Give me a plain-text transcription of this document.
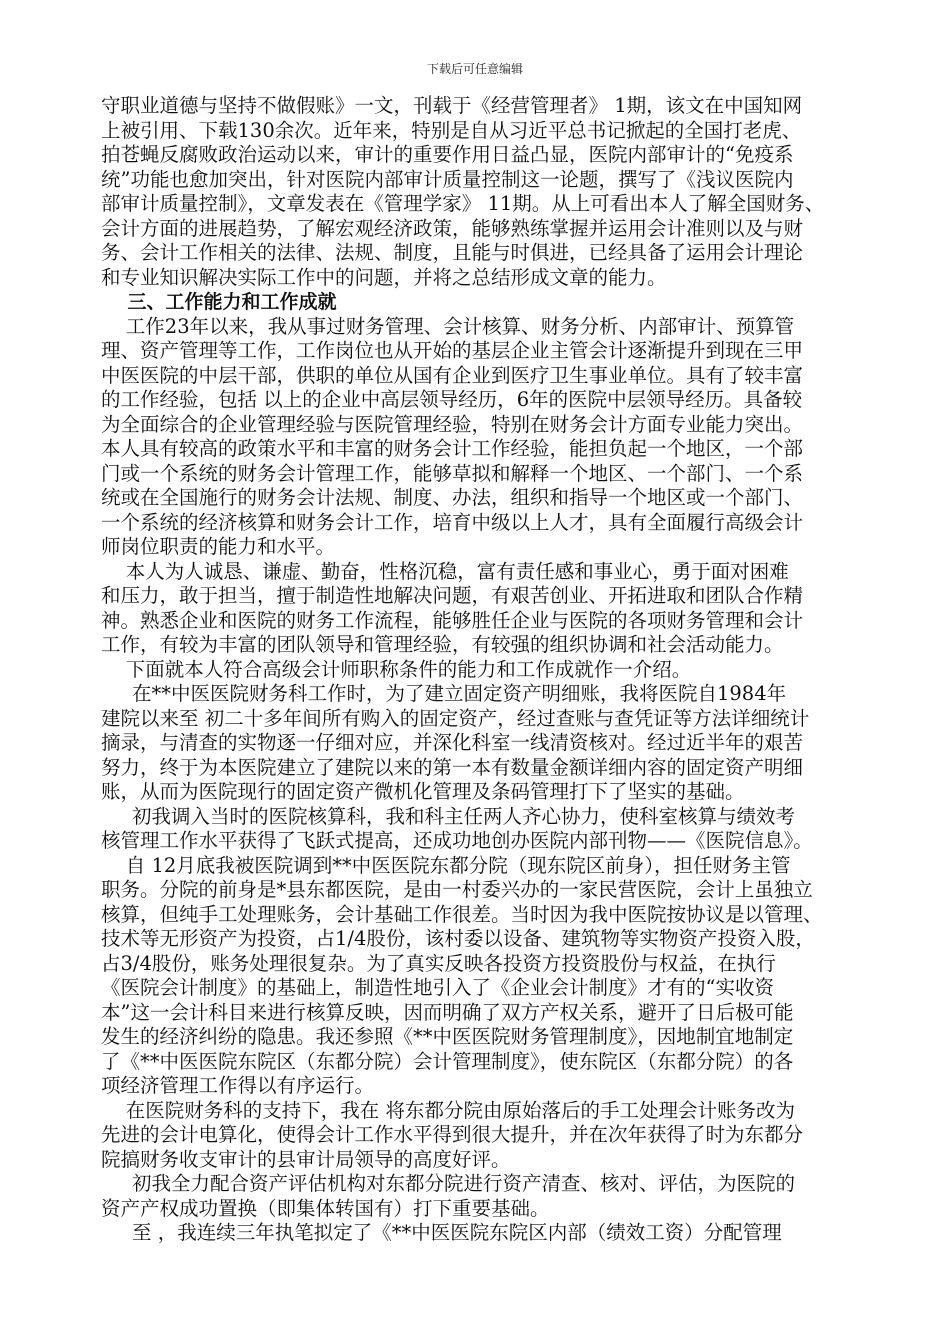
下载后可任意编辑
守职业道德与坚持不做假账》一文，刊载于《经营管理者》 1期，该文在中国知网
上被引用、下载130余次。近年来，特别是自从习近平总书记掀起的全国打老虎、
拍苍蝇反腐败政治运动以来，审计的重要作用日益凸显，医院内部审计的“免疫系
统”功能也愈加突出，针对医院内部审计质量控制这一论题，撰写了《浅议医院内
部审计质量控制》，文章发表在《管理学家》 11期。从上可看出本人了解全国财务、
会计方面的进展趋势，了解宏观经济政策，能够熟练掌握并运用会计准则以及与财
务、会计工作相关的法律、法规、制度，且能与时俱进，已经具备了运用会计理论
和专业知识解决实际工作中的问题，并将之总结形成文章的能力。
三、工作能力和工作成就
工作23年以来，我从事过财务管理、会计核算、财务分析、内部审计、预算管
理、资产管理等工作，工作岗位也从开始的基层企业主管会计逐渐提升到现在三甲
中医医院的中层干部，供职的单位从国有企业到医疗卫生事业单位。具有了较丰富
的工作经验，包括 以上的企业中高层领导经历，6年的医院中层领导经历。具备较
为全面综合的企业管理经验与医院管理经验，特别在财务会计方面专业能力突出。
本人具有较高的政策水平和丰富的财务会计工作经验，能担负起一个地区，一个部
门或一个系统的财务会计管理工作，能够草拟和解释一个地区、一个部门、一个系
统或在全国施行的财务会计法规、制度、办法，组织和指导一个地区或一个部门、
一个系统的经济核算和财务会计工作，培育中级以上人才，具有全面履行高级会计
师岗位职责的能力和水平。
本人为人诚恳、谦虚、勤奋，性格沉稳，富有责任感和事业心，勇于面对困难
和压力，敢于担当，擅于制造性地解决问题，有艰苦创业、开拓进取和团队合作精
神。熟悉企业和医院的财务工作流程，能够胜任企业与医院的各项财务管理和会计
工作，有较为丰富的团队领导和管理经验，有较强的组织协调和社会活动能力。
下面就本人符合高级会计师职称条件的能力和工作成就作一介绍。
在**中医医院财务科工作时，为了建立固定资产明细账，我将医院自1984年
建院以来至 初二十多年间所有购入的固定资产，经过查账与查凭证等方法详细统计
摘录，与清查的实物逐一仔细对应，并深化科室一线清资核对。经过近半年的艰苦
努力，终于为本医院建立了建院以来的第一本有数量金额详细内容的固定资产明细
账，从而为医院现行的固定资产微机化管理及条码管理打下了坚实的基础。
初我调入当时的医院核算科，我和科主任两人齐心协力，使科室核算与绩效考
核管理工作水平获得了飞跃式提高，还成功地创办医院内部刊物——《医院信息》。
自 12月底我被医院调到**中医医院东都分院（现东院区前身），担任财务主管
职务。分院的前身是*县东都医院，是由一村委兴办的一家民营医院，会计上虽独立
核算，但纯手工处理账务，会计基础工作很差。当时因为我中医院按协议是以管理、
技术等无形资产为投资，占1/4股份，该村委以设备、建筑物等实物资产投资入股，
占3/4股份，账务处理很复杂。为了真实反映各投资方投资股份与权益，在执行
《医院会计制度》的基础上，制造性地引入了《企业会计制度》才有的“实收资
本”这一会计科目来进行核算反映，因而明确了双方产权关系，避开了日后极可能
发生的经济纠纷的隐患。我还参照《**中医医院财务管理制度》，因地制宜地制定
了《**中医医院东院区（东都分院）会计管理制度》，使东院区（东都分院）的各
项经济管理工作得以有序运行。
在医院财务科的支持下，我在 将东都分院由原始落后的手工处理会计账务改为
先进的会计电算化，使得会计工作水平得到很大提升，并在次年获得了时为东都分
院搞财务收支审计的县审计局领导的高度好评。
初我全力配合资产评估机构对东都分院进行资产清查、核对、评估，为医院的
资产产权成功置换（即集体转国有）打下重要基础。
至 ，我连续三年执笔拟定了《**中医医院东院区内部（绩效工资）分配管理
